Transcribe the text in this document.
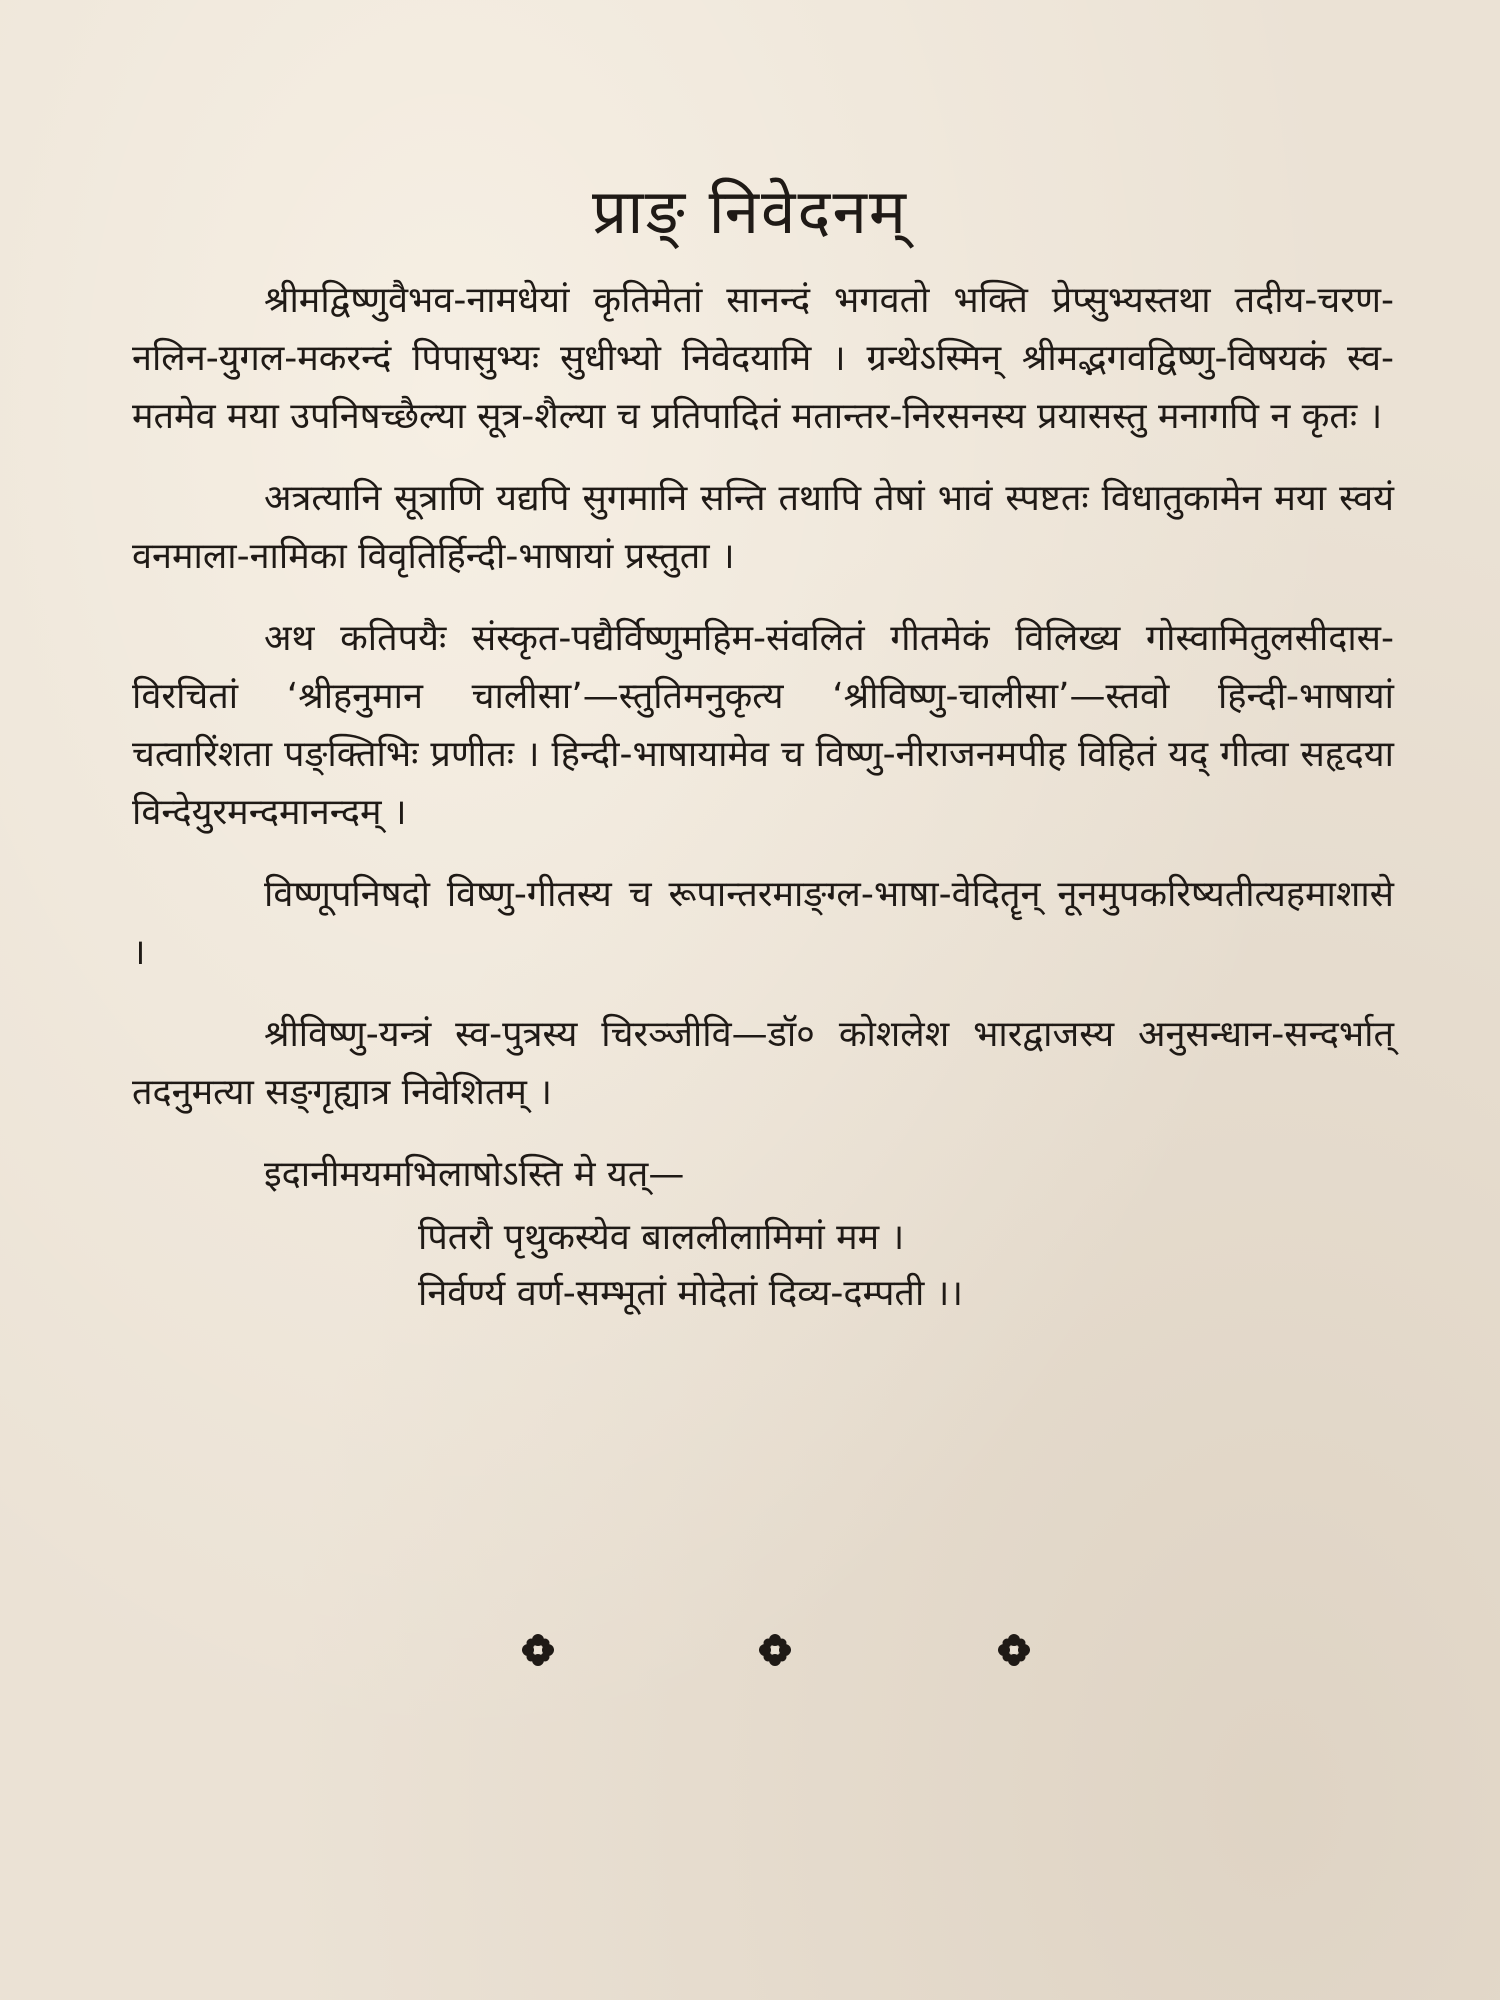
प्राङ् निवेदनम्

श्रीमद्विष्णुवैभव-नामधेयां कृतिमेतां सानन्दं भगवतो भक्ति प्रेप्सुभ्यस्तथा तदीय-चरण-नलिन-युगल-मकरन्दं पिपासुभ्यः सुधीभ्यो निवेदयामि । ग्रन्थेऽस्मिन् श्रीमद्भगवद्विष्णु-विषयकं स्व-मतमेव मया उपनिषच्छैल्या सूत्र-शैल्या च प्रतिपादितं मतान्तर-निरसनस्य प्रयासस्तु मनागपि न कृतः ।

अत्रत्यानि सूत्राणि यद्यपि सुगमानि सन्ति तथापि तेषां भावं स्पष्टतः विधातुकामेन मया स्वयं वनमाला-नामिका विवृतिर्हिन्दी-भाषायां प्रस्तुता ।

अथ कतिपयैः संस्कृत-पद्यैर्विष्णुमहिम-संवलितं गीतमेकं विलिख्य गोस्वामितुलसीदास-विरचितां ‘श्रीहनुमान चालीसा’—स्तुतिमनुकृत्य ‘श्रीविष्णु-चालीसा’—स्तवो हिन्दी-भाषायां चत्वारिंशता पङ्क्तिभिः प्रणीतः । हिन्दी-भाषायामेव च विष्णु-नीराजनमपीह विहितं यद् गीत्वा सहृदया विन्देयुरमन्दमानन्दम् ।

विष्णूपनिषदो विष्णु-गीतस्य च रूपान्तरमाङ्ग्ल-भाषा-वेदितॄन् नूनमुपकरिष्यतीत्यहमाशासे ।

श्रीविष्णु-यन्त्रं स्व-पुत्रस्य चिरञ्जीवि—डॉ० कोशलेश भारद्वाजस्य अनुसन्धान-सन्दर्भात् तदनुमत्या सङ्गृह्यात्र निवेशितम् ।

इदानीमयमभिलाषोऽस्ति मे यत्—

पितरौ पृथुकस्येव बाललीलामिमां मम ।
निर्वर्ण्य वर्ण-सम्भूतां मोदेतां दिव्य-दम्पती ।।
